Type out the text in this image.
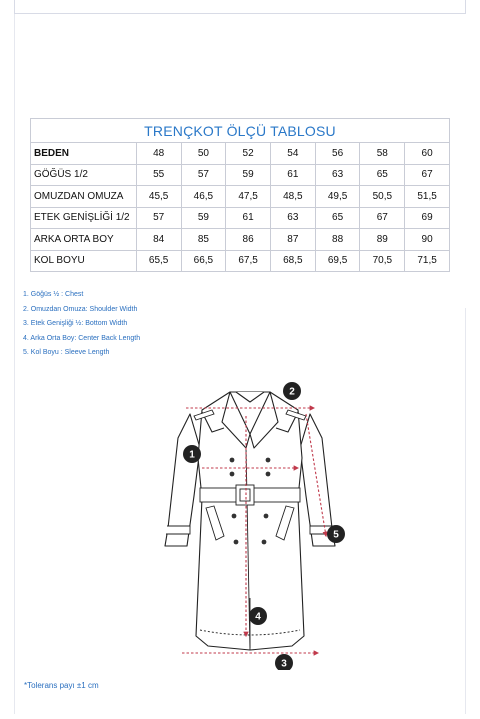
TRENÇKOT ÖLÇÜ TABLOSU							
BEDEN	48	50	52	54	56	58	60
GÖĞÜS 1/2	55	57	59	61	63	65	67
OMUZDAN OMUZA	45,5	46,5	47,5	48,5	49,5	50,5	51,5
ETEK GENİŞLİĞİ 1/2	57	59	61	63	65	67	69
ARKA ORTA BOY	84	85	86	87	88	89	90
KOL BOYU	65,5	66,5	67,5	68,5	69,5	70,5	71,5
1. Göğüs ½ : Chest
2. Omuzdan Omuza: Shoulder Width
3. Etek Genişliği ½: Bottom Width
4. Arka Orta Boy: Center Back Length
5. Kol Boyu : Sleeve Length
1
2
3
4
5
*Tolerans payı ±1 cm
